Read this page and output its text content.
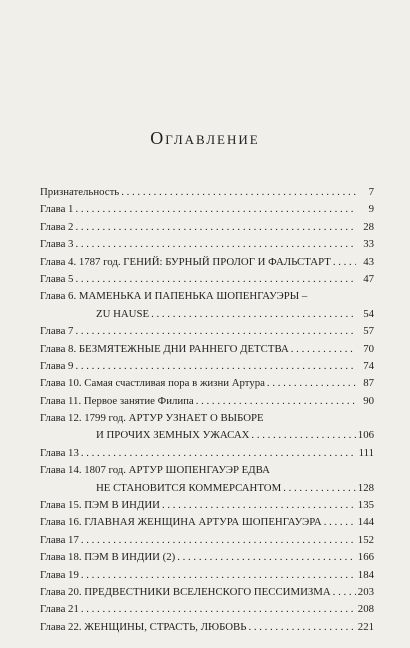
Оглавление
Признательность . . .	7
Глава 1 . . .	9
Глава 2 . . .	28
Глава 3 . . .	33
Глава 4. 1787 год. ГЕНИЙ: БУРНЫЙ ПРОЛОГ И ФАЛЬСТАРТ . . .	43
Глава 5 . . .	47
Глава 6. МАМЕНЬКА И ПАПЕНЬКА ШОПЕНГАУЭРЫ –
ZU HAUSE . . .	54
Глава 7 . . .	57
Глава 8. БЕЗМЯТЕЖНЫЕ ДНИ РАННЕГО ДЕТСТВА . . .	70
Глава 9 . . .	74
Глава 10. Самая счастливая пора в жизни Артура . . .	87
Глава 11. Первое занятие Филипа . . .	90
Глава 12. 1799 год. АРТУР УЗНАЕТ О ВЫБОРЕ
И ПРОЧИХ ЗЕМНЫХ УЖАСАХ . . .	106
Глава 13 . . .	111
Глава 14. 1807 год. АРТУР ШОПЕНГАУЭР ЕДВА
НЕ СТАНОВИТСЯ КОММЕРСАНТОМ . . .	128
Глава 15. ПЭМ В ИНДИИ . . .	135
Глава 16. ГЛАВНАЯ ЖЕНЩИНА АРТУРА ШОПЕНГАУЭРА . . .	144
Глава 17 . . .	152
Глава 18. ПЭМ В ИНДИИ (2) . . .	166
Глава 19 . . .	184
Глава 20. ПРЕДВЕСТНИКИ ВСЕЛЕНСКОГО ПЕССИМИЗМА . . .	203
Глава 21 . . .	208
Глава 22. ЖЕНЩИНЫ, СТРАСТЬ, ЛЮБОВЬ . . .	221
